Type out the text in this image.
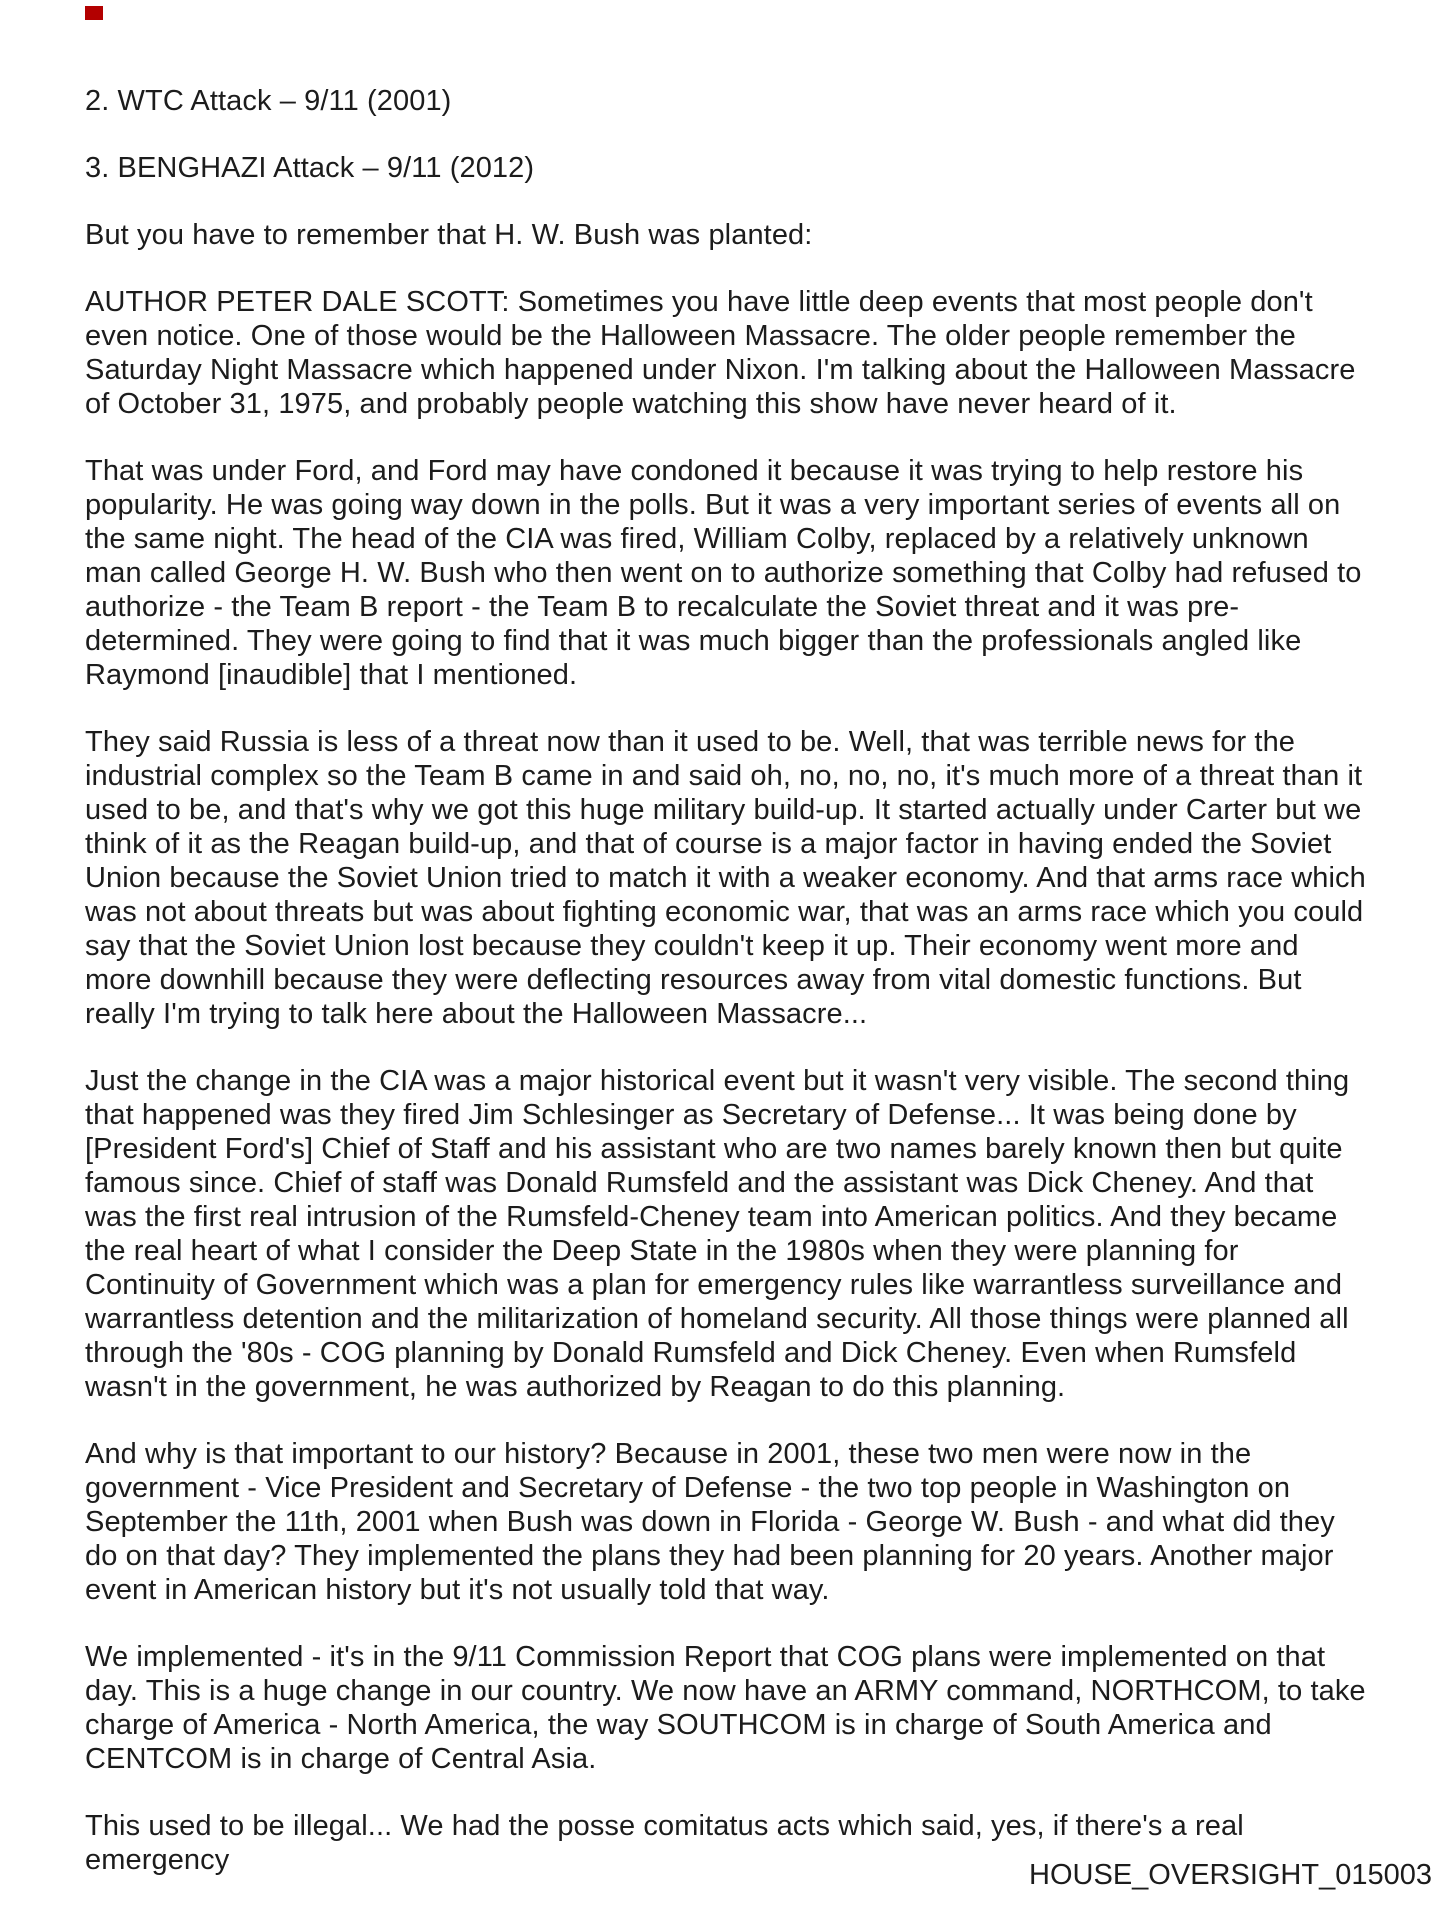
2. WTC Attack – 9/11 (2001)

3. BENGHAZI Attack – 9/11 (2012)

But you have to remember that H. W. Bush was planted:

AUTHOR PETER DALE SCOTT: Sometimes you have little deep events that most people don't even notice. One of those would be the Halloween Massacre. The older people remember the Saturday Night Massacre which happened under Nixon. I'm talking about the Halloween Massacre of October 31, 1975, and probably people watching this show have never heard of it.

That was under Ford, and Ford may have condoned it because it was trying to help restore his popularity. He was going way down in the polls. But it was a very important series of events all on the same night. The head of the CIA was fired, William Colby, replaced by a relatively unknown man called George H. W. Bush who then went on to authorize something that Colby had refused to authorize - the Team B report - the Team B to recalculate the Soviet threat and it was pre-determined. They were going to find that it was much bigger than the professionals angled like Raymond [inaudible] that I mentioned.

They said Russia is less of a threat now than it used to be. Well, that was terrible news for the industrial complex so the Team B came in and said oh, no, no, no, it's much more of a threat than it used to be, and that's why we got this huge military build-up. It started actually under Carter but we think of it as the Reagan build-up, and that of course is a major factor in having ended the Soviet Union because the Soviet Union tried to match it with a weaker economy. And that arms race which was not about threats but was about fighting economic war, that was an arms race which you could say that the Soviet Union lost because they couldn't keep it up. Their economy went more and more downhill because they were deflecting resources away from vital domestic functions. But really I'm trying to talk here about the Halloween Massacre...

Just the change in the CIA was a major historical event but it wasn't very visible. The second thing that happened was they fired Jim Schlesinger as Secretary of Defense... It was being done by [President Ford's] Chief of Staff and his assistant who are two names barely known then but quite famous since. Chief of staff was Donald Rumsfeld and the assistant was Dick Cheney. And that was the first real intrusion of the Rumsfeld-Cheney team into American politics. And they became the real heart of what I consider the Deep State in the 1980s when they were planning for Continuity of Government which was a plan for emergency rules like warrantless surveillance and warrantless detention and the militarization of homeland security. All those things were planned all through the '80s - COG planning by Donald Rumsfeld and Dick Cheney. Even when Rumsfeld wasn't in the government, he was authorized by Reagan to do this planning.

And why is that important to our history? Because in 2001, these two men were now in the government - Vice President and Secretary of Defense - the two top people in Washington on September the 11th, 2001 when Bush was down in Florida - George W. Bush - and what did they do on that day? They implemented the plans they had been planning for 20 years. Another major event in American history but it's not usually told that way.

We implemented - it's in the 9/11 Commission Report that COG plans were implemented on that day. This is a huge change in our country. We now have an ARMY command, NORTHCOM, to take charge of America - North America, the way SOUTHCOM is in charge of South America and CENTCOM is in charge of Central Asia.

This used to be illegal... We had the posse comitatus acts which said, yes, if there's a real emergency	HOUSE_OVERSIGHT_015003
